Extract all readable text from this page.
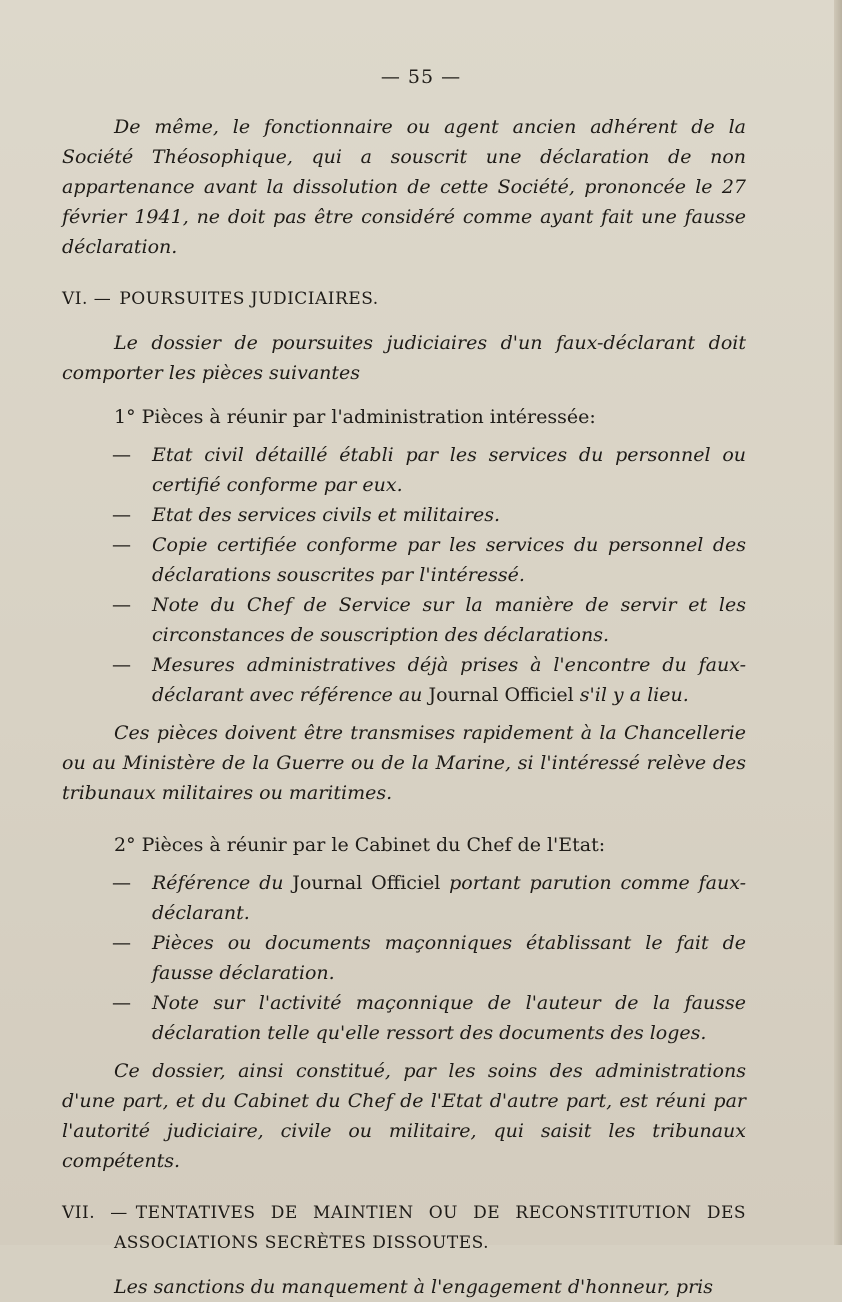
— 55 —

De même, le fonctionnaire ou agent ancien adhérent de la Société Théosophique, qui a souscrit une déclaration de non appartenance avant la dissolution de cette Société, prononcée le 27 février 1941, ne doit pas être considéré comme ayant fait une fausse déclaration.

VI. — POURSUITES JUDICIAIRES.

Le dossier de poursuites judiciaires d'un faux-déclarant doit comporter les pièces suivantes

1° Pièces à réunir par l'administration intéressée:

— Etat civil détaillé établi par les services du personnel ou certifié conforme par eux.
— Etat des services civils et militaires.
— Copie certifiée conforme par les services du personnel des déclarations souscrites par l'intéressé.
— Note du Chef de Service sur la manière de servir et les circonstances de souscription des déclarations.
— Mesures administratives déjà prises à l'encontre du faux-déclarant avec référence au Journal Officiel s'il y a lieu.

Ces pièces doivent être transmises rapidement à la Chancellerie ou au Ministère de la Guerre ou de la Marine, si l'intéressé relève des tribunaux militaires ou maritimes.

2° Pièces à réunir par le Cabinet du Chef de l'Etat:

— Référence du Journal Officiel portant parution comme faux-déclarant.
— Pièces ou documents maçonniques établissant le fait de fausse déclaration.
— Note sur l'activité maçonnique de l'auteur de la fausse déclaration telle qu'elle ressort des documents des loges.

Ce dossier, ainsi constitué, par les soins des administrations d'une part, et du Cabinet du Chef de l'Etat d'autre part, est réuni par l'autorité judiciaire, civile ou militaire, qui saisit les tribunaux compétents.

VII. — TENTATIVES DE MAINTIEN OU DE RECONSTITUTION DES ASSOCIATIONS SECRÈTES DISSOUTES.

Les sanctions du manquement à l'engagement d'honneur, pris
